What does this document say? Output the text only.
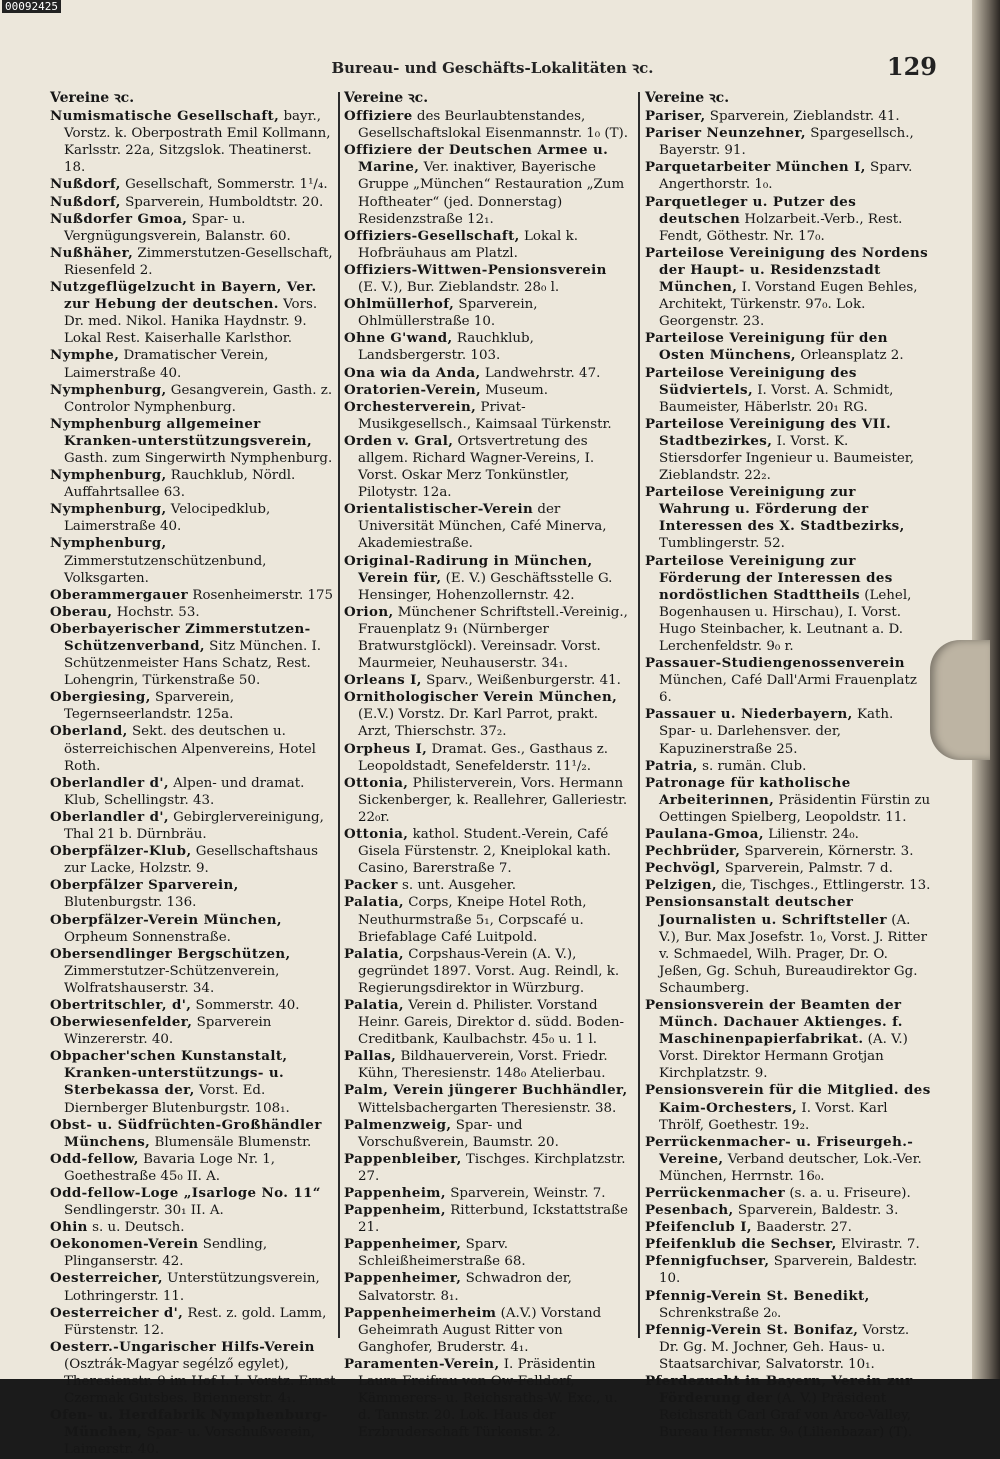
00092425
Bureau- und Geschäfts-Lokalitäten ꝛc.	129
Vereine ꝛc.

Numismatische Gesellschaft, bayr., Vorstz. k. Oberpostrath Emil Kollmann, Karlsstr. 22a, Sitzgslok. Theatinerst. 18.

Nußdorf, Gesellschaft, Sommerstr. 1¹/₄.

Nußdorf, Sparverein, Humboldtstr. 20.

Nußdorfer Gmoa, Spar- u. Vergnügungsverein, Balanstr. 60.

Nußhäher, Zimmerstutzen-Gesellschaft, Riesenfeld 2.

Nutzgeflügelzucht in Bayern, Ver. zur Hebung der deutschen. Vors. Dr. med. Nikol. Hanika Haydnstr. 9. Lokal Rest. Kaiserhalle Karlsthor.

Nymphe, Dramatischer Verein, Laimerstraße 40.

Nymphenburg, Gesangverein, Gasth. z. Controlor Nymphenburg.

Nymphenburg allgemeiner Kranken-unterstützungsverein, Gasth. zum Singerwirth Nymphenburg.

Nymphenburg, Rauchklub, Nördl. Auffahrtsallee 63.

Nymphenburg, Velocipedklub, Laimerstraße 40.

Nymphenburg, Zimmerstutzenschützenbund, Volksgarten.

Oberammergauer Rosenheimerstr. 175

Oberau, Hochstr. 53.

Oberbayerischer Zimmerstutzen-Schützenverband, Sitz München. I. Schützenmeister Hans Schatz, Rest. Lohengrin, Türkenstraße 50.

Obergiesing, Sparverein, Tegernseerlandstr. 125a.

Oberland, Sekt. des deutschen u. österreichischen Alpenvereins, Hotel Roth.

Oberlandler d', Alpen- und dramat. Klub, Schellingstr. 43.

Oberlandler d', Gebirglervereinigung, Thal 21 b. Dürnbräu.

Oberpfälzer-Klub, Gesellschaftshaus zur Lacke, Holzstr. 9.

Oberpfälzer Sparverein, Blutenburgstr. 136.

Oberpfälzer-Verein München, Orpheum Sonnenstraße.

Obersendlinger Bergschützen, Zimmerstutzer-Schützenverein, Wolfratshauserstr. 34.

Obertritschler, d', Sommerstr. 40.

Oberwiesenfelder, Sparverein Winzererstr. 40.

Obpacher'schen Kunstanstalt, Kranken-unterstützungs- u. Sterbekassa der, Vorst. Ed. Diernberger Blutenburgstr. 108₁.

Obst- u. Südfrüchten-Großhändler Münchens, Blumensäle Blumenstr.

Odd-fellow, Bavaria Loge Nr. 1, Goethestraße 45₀ II. A.

Odd-fellow-Loge „Isarloge No. 11“ Sendlingerstr. 30₁ II. A.

Ohin s. u. Deutsch.

Oekonomen-Verein Sendling, Plinganserstr. 42.

Oesterreicher, Unterstützungsverein, Lothringerstr. 11.

Oesterreicher d', Rest. z. gold. Lamm, Fürstenstr. 12.

Oesterr.-Ungarischer Hilfs-Verein (Osztrák-Magyar segélző egylet), Theresienstr. 9 im Hof I. I. Vorstz. Ernst Czermak Gutsbes. Briennerstr. 4₁.

Ofen- u. Herdfabrik Nymphenburg-München, Spar- u. Vorschußverein, Laimerstr. 40.

Vereine ꝛc.

Offiziere des Beurlaubtenstandes, Gesellschaftslokal Eisenmannstr. 1₀ (T).

Offiziere der Deutschen Armee u. Marine, Ver. inaktiver, Bayerische Gruppe „München“ Restauration „Zum Hoftheater“ (jed. Donnerstag) Residenzstraße 12₁.

Offiziers-Gesellschaft, Lokal k. Hofbräuhaus am Platzl.

Offiziers-Wittwen-Pensionsverein (E. V.), Bur. Zieblandstr. 28₀ l.

Ohlmüllerhof, Sparverein, Ohlmüllerstraße 10.

Ohne G'wand, Rauchklub, Landsbergerstr. 103.

Ona wia da Anda, Landwehrstr. 47.

Oratorien-Verein, Museum.

Orchesterverein, Privat-Musikgesellsch., Kaimsaal Türkenstr.

Orden v. Gral, Ortsvertretung des allgem. Richard Wagner-Vereins, I. Vorst. Oskar Merz Tonkünstler, Pilotystr. 12a.

Orientalistischer-Verein der Universität München, Café Minerva, Akademiestraße.

Original-Radirung in München, Verein für, (E. V.) Geschäftsstelle G. Hensinger, Hohenzollernstr. 42.

Orion, Münchener Schriftstell.-Vereinig., Frauenplatz 9₁ (Nürnberger Bratwurstglöckl). Vereinsadr. Vorst. Maurmeier, Neuhauserstr. 34₁.

Orleans I, Sparv., Weißenburgerstr. 41.

Ornithologischer Verein München, (E.V.) Vorstz. Dr. Karl Parrot, prakt. Arzt, Thierschstr. 37₂.

Orpheus I, Dramat. Ges., Gasthaus z. Leopoldstadt, Senefelderstr. 11¹/₂.

Ottonia, Philisterverein, Vors. Hermann Sickenberger, k. Reallehrer, Galleriestr. 22₀r.

Ottonia, kathol. Student.-Verein, Café Gisela Fürstenstr. 2, Kneiplokal kath. Casino, Barerstraße 7.

Packer s. unt. Ausgeher.

Palatia, Corps, Kneipe Hotel Roth, Neuthurmstraße 5₁, Corpscafé u. Briefablage Café Luitpold.

Palatia, Corpshaus-Verein (A. V.), gegründet 1897. Vorst. Aug. Reindl, k. Regierungsdirektor in Würzburg.

Palatia, Verein d. Philister. Vorstand Heinr. Gareis, Direktor d. südd. Boden-Creditbank, Kaulbachstr. 45₀ u. 1 l.

Pallas, Bildhauerverein, Vorst. Friedr. Kühn, Theresienstr. 148₀ Atelierbau.

Palm, Verein jüngerer Buchhändler, Wittelsbachergarten Theresienstr. 38.

Palmenzweig, Spar- und Vorschußverein, Baumstr. 20.

Pappenbleiber, Tischges. Kirchplatzstr. 27.

Pappenheim, Sparverein, Weinstr. 7.

Pappenheim, Ritterbund, Ickstattstraße 21.

Pappenheimer, Sparv. Schleißheimerstraße 68.

Pappenheimer, Schwadron der, Salvatorstr. 8₁.

Pappenheimerheim (A.V.) Vorstand Geheimrath August Ritter von Ganghofer, Bruderstr. 4₁.

Paramenten-Verein, I. Präsidentin Laura Freifrau von Ow-Felldorf, Kämmerers- u. Reichsraths-W. Exc., u. d. Tannstr. 20. Lok. Haus der Erzbruderschaft Türkenstr. 2.

Vereine ꝛc.

Pariser, Sparverein, Zieblandstr. 41.

Pariser Neunzehner, Spargesellsch., Bayerstr. 91.

Parquetarbeiter München I, Sparv. Angerthorstr. 1₀.

Parquetleger u. Putzer des deutschen Holzarbeit.-Verb., Rest. Fendt, Göthestr. Nr. 17₀.

Parteilose Vereinigung des Nordens der Haupt- u. Residenzstadt München, I. Vorstand Eugen Behles, Architekt, Türkenstr. 97₀. Lok. Georgenstr. 23.

Parteilose Vereinigung für den Osten Münchens, Orleansplatz 2.

Parteilose Vereinigung des Südviertels, I. Vorst. A. Schmidt, Baumeister, Häberlstr. 20₁ RG.

Parteilose Vereinigung des VII. Stadtbezirkes, I. Vorst. K. Stiersdorfer Ingenieur u. Baumeister, Zieblandstr. 22₂.

Parteilose Vereinigung zur Wahrung u. Förderung der Interessen des X. Stadtbezirks, Tumblingerstr. 52.

Parteilose Vereinigung zur Förderung der Interessen des nordöstlichen Stadttheils (Lehel, Bogenhausen u. Hirschau), I. Vorst. Hugo Steinbacher, k. Leutnant a. D. Lerchenfeldstr. 9₀ r.

Passauer-Studiengenossenverein München, Café Dall'Armi Frauenplatz 6.

Passauer u. Niederbayern, Kath. Spar- u. Darlehensver. der, Kapuzinerstraße 25.

Patria, s. rumän. Club.

Patronage für katholische Arbeiterinnen, Präsidentin Fürstin zu Oettingen Spielberg, Leopoldstr. 11.

Paulana-Gmoa, Lilienstr. 24₀.

Pechbrüder, Sparverein, Körnerstr. 3.

Pechvögl, Sparverein, Palmstr. 7 d.

Pelzigen, die, Tischges., Ettlingerstr. 13.

Pensionsanstalt deutscher Journalisten u. Schriftsteller (A. V.), Bur. Max Josefstr. 1₀, Vorst. J. Ritter v. Schmaedel, Wilh. Prager, Dr. O. Jeßen, Gg. Schuh, Bureaudirektor Gg. Schaumberg.

Pensionsverein der Beamten der Münch. Dachauer Aktienges. f. Maschinenpapierfabrikat. (A. V.) Vorst. Direktor Hermann Grotjan Kirchplatzstr. 9.

Pensionsverein für die Mitglied. des Kaim-Orchesters, I. Vorst. Karl Thrölf, Goethestr. 19₂.

Perrückenmacher- u. Friseurgeh.-Vereine, Verband deutscher, Lok.-Ver. München, Herrnstr. 16₀.

Perrückenmacher (s. a. u. Friseure).

Pesenbach, Sparverein, Baldestr. 3.

Pfeifenclub I, Baaderstr. 27.

Pfeifenklub die Sechser, Elvirastr. 7.

Pfennigfuchser, Sparverein, Baldestr. 10.

Pfennig-Verein St. Benedikt, Schrenkstraße 2₀.

Pfennig-Verein St. Bonifaz, Vorstz. Dr. Gg. M. Jochner, Geh. Haus- u. Staatsarchivar, Salvatorstr. 10₁.

Pferdezucht in Bayern, Verein zur Förderung der (A. V.) Präsident Reichsrath Carl Graf von Arco-Valley, Bureau Herrnstr. 9₀ (Lilienbazar) (T).
